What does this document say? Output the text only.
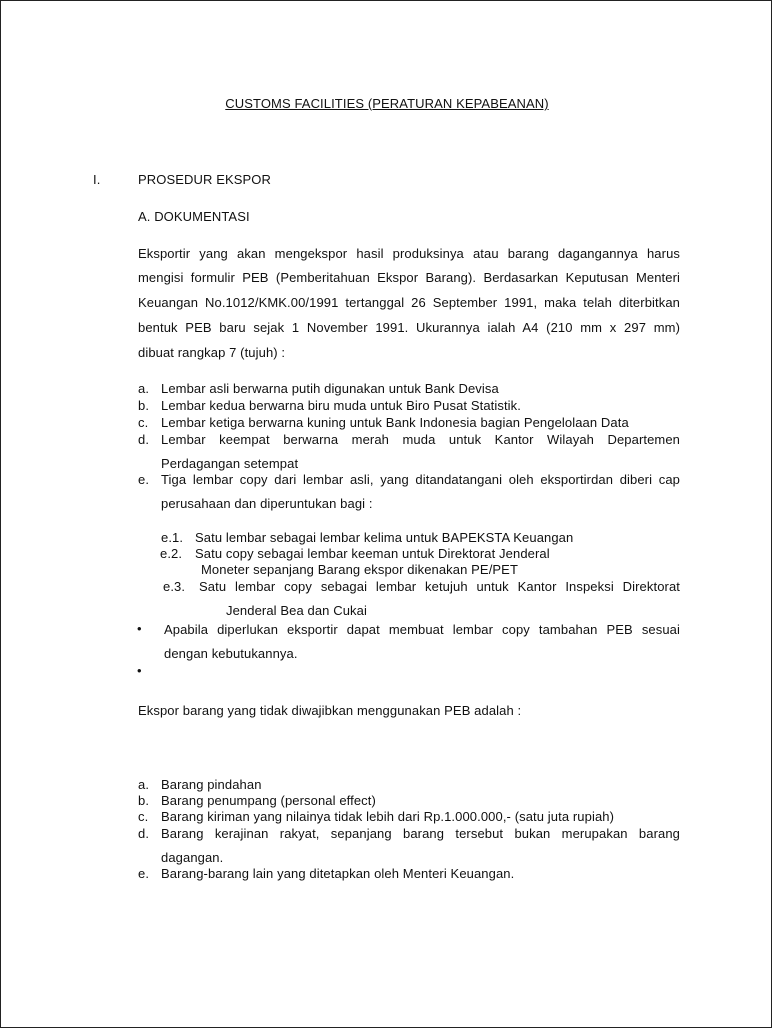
CUSTOMS FACILITIES (PERATURAN KEPABEANAN)
I.	PROSEDUR EKSPOR
A. DOKUMENTASI
Eksportir yang akan mengekspor hasil produksinya atau barang dagangannya harus
mengisi formulir PEB (Pemberitahuan Ekspor Barang). Berdasarkan Keputusan Menteri
Keuangan No.1012/KMK.00/1991 tertanggal 26 September 1991, maka telah diterbitkan
bentuk PEB baru sejak 1 November 1991. Ukurannya ialah A4 (210 mm x 297 mm)
dibuat rangkap 7 (tujuh) :
a. Lembar asli berwarna putih digunakan untuk Bank Devisa
b. Lembar kedua berwarna biru muda untuk Biro Pusat Statistik.
c. Lembar ketiga berwarna kuning untuk Bank Indonesia bagian Pengelolaan Data
d. Lembar keempat berwarna merah muda untuk Kantor Wilayah Departemen
Perdagangan setempat
e. Tiga lembar copy dari lembar asli, yang ditandatangani oleh eksportirdan diberi cap
perusahaan dan diperuntukan bagi :
e.1. Satu lembar sebagai lembar kelima untuk BAPEKSTA Keuangan
e.2. Satu copy sebagai lembar keeman untuk Direktorat Jenderal
Moneter sepanjang Barang ekspor dikenakan PE/PET
e.3. Satu lembar copy sebagai lembar ketujuh untuk Kantor Inspeksi Direktorat
Jenderal Bea dan Cukai
• Apabila diperlukan eksportir dapat membuat lembar copy tambahan PEB sesuai
dengan kebutukannya.
•
Ekspor barang yang tidak diwajibkan menggunakan PEB adalah :
a. Barang pindahan
b. Barang penumpang (personal effect)
c. Barang kiriman yang nilainya tidak lebih dari Rp.1.000.000,- (satu juta rupiah)
d. Barang kerajinan rakyat, sepanjang barang tersebut bukan merupakan barang
dagangan.
e. Barang-barang lain yang ditetapkan oleh Menteri Keuangan.
